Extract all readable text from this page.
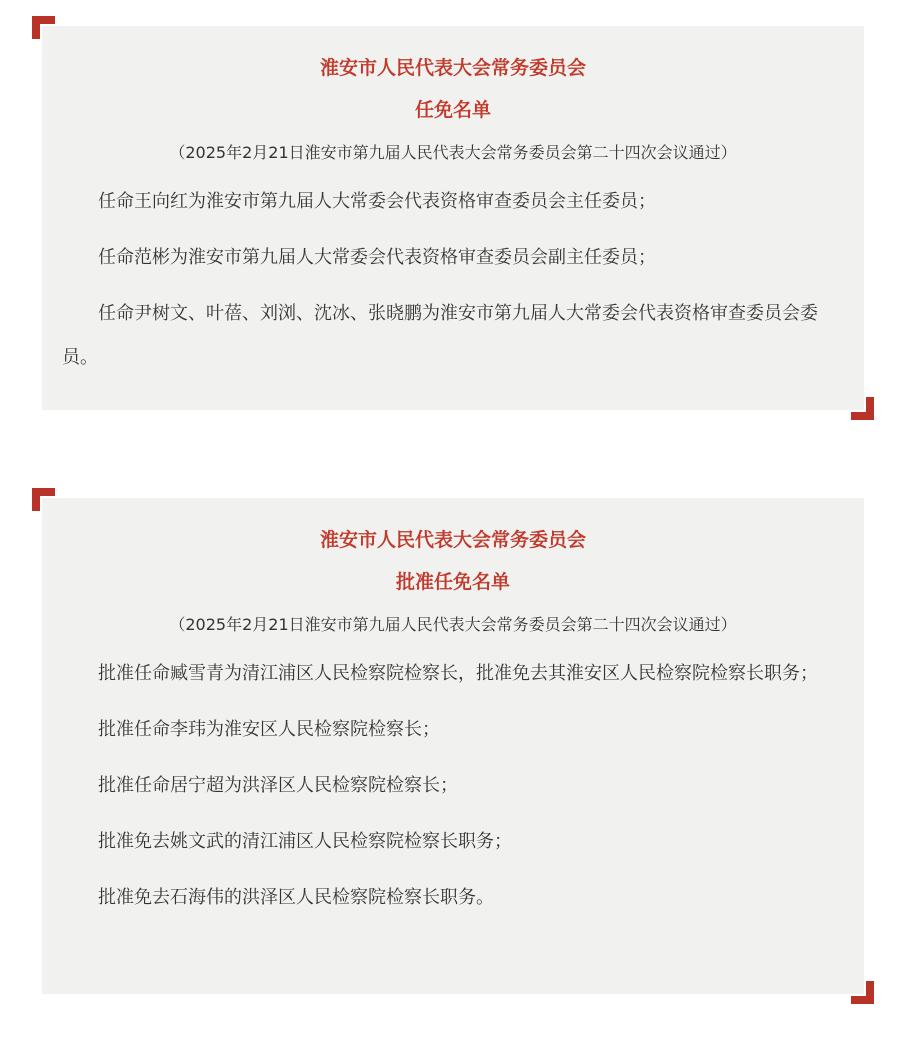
淮安市人民代表大会常务委员会

任免名单

（2025年2月21日淮安市第九届人民代表大会常务委员会第二十四次会议通过）

任命王向红为淮安市第九届人大常委会代表资格审查委员会主任委员；

任命范彬为淮安市第九届人大常委会代表资格审查委员会副主任委员；

任命尹树文、叶蓓、刘浏、沈冰、张晓鹏为淮安市第九届人大常委会代表资格审查委员会委员。

淮安市人民代表大会常务委员会

批准任免名单

（2025年2月21日淮安市第九届人民代表大会常务委员会第二十四次会议通过）

批准任命臧雪青为清江浦区人民检察院检察长，批准免去其淮安区人民检察院检察长职务；

批准任命李玮为淮安区人民检察院检察长；

批准任命居宁超为洪泽区人民检察院检察长；

批准免去姚文武的清江浦区人民检察院检察长职务；

批准免去石海伟的洪泽区人民检察院检察长职务。
